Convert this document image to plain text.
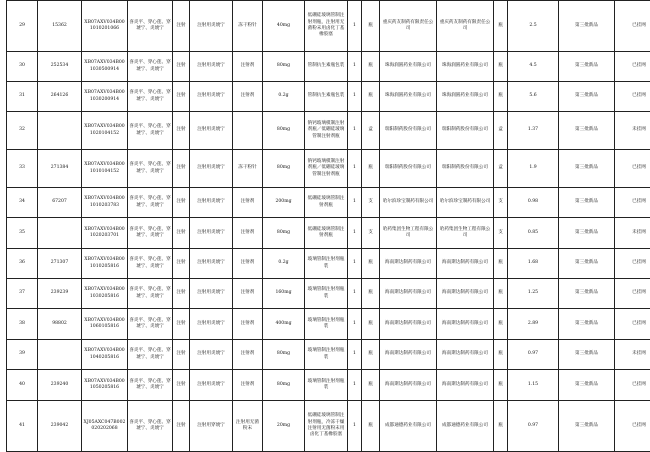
29	15362	XB07AXV034B001010201066	喜炎平、穿心莲、穿琥宁、炎琥宁	注射	注射用炎琥宁	冻干粉针	40mg	低硼硅玻璃管制注射剂瓶，注射用无菌粉末用卤化丁基橡胶塞	1	瓶	重庆药友制药有限责任公司	重庆药友制药有限责任公司	瓶	2.5	第三批新品	已挂网
30	252534	XB07AXV034B001030500914	喜炎平、穿心莲、穿琥宁、炎琥宁	注射	注射用炎琥宁	注射剂	80mg	管制抗生素瓶包装	1	瓶	珠海润圆药业有限公司	珠海润圆药业有限公司	瓶	4.5	第三批新品	已挂网
31	264126	XB07AXV034B001030200914	喜炎平、穿心莲、穿琥宁、炎琥宁	注射	注射用炎琥宁	注射剂	0.2g	管制抗生素瓶包装	1	瓶	珠海润圆药业有限公司	珠海润圆药业有限公司	瓶	5.6	第三批新品	已挂网
32		XB07AXV034B001020104152	喜炎平、穿心莲、穿琥宁、炎琥宁	注射	注射用炎琥宁		80mg	钠钙玻璃模制注射剂瓶／低硼硅玻璃管制注射剂瓶	1	盒	瑞阳制药股份有限公司	瑞阳制药股份有限公司	盒	1.37	第三批新品	未挂网
33	271384	XB07AXV034B001010104152	喜炎平、穿心莲、穿琥宁、炎琥宁	注射	注射用炎琥宁	冻干粉针	80mg	钠钙玻璃模制注射剂瓶／低硼硅玻璃管制注射剂瓶	1	瓶	瑞阳制药股份有限公司	瑞阳制药股份有限公司	盒	1.9	第三批新品	已挂网
34	67207	XB07AXV034B001010203783	喜炎平、穿心莲、穿琥宁、炎琥宁	注射	注射用炎琥宁	注射剂	200mg	低硼硅玻璃管制注射剂瓶	1	支	哈尔滨珍宝制药有限公司	哈尔滨珍宝制药有限公司	支	0.98	第三批新品	已挂网
35		XB07AXV034B001020203701	喜炎平、穿心莲、穿琥宁、炎琥宁	注射	注射用炎琥宁	注射剂	80mg	低硼硅玻璃管制注射剂瓶	1	支	哈药集团生物工程有限公司	哈药集团生物工程有限公司	支	0.85	第三批新品	未挂网
36	271307	XB07AXV034B001010205816	喜炎平、穿心莲、穿琥宁、炎琥宁	注射	注射用炎琥宁	注射剂	0.2g	玻璃管制注射剂瓶装	1	瓶	海南斯达制药有限公司	海南斯达制药有限公司	瓶	1.68	第三批新品	已挂网
37	239239	XB07AXV034B001030205816	喜炎平、穿心莲、穿琥宁、炎琥宁	注射	注射用炎琥宁	注射剂	160mg	玻璃管制注射剂瓶装	1	瓶	海南斯达制药有限公司	海南斯达制药有限公司	瓶	1.25	第三批新品	已挂网
38	98802	XB07AXV034B001060105816	喜炎平、穿心莲、穿琥宁、炎琥宁	注射	注射用炎琥宁	注射剂	400mg	玻璃管制注射剂瓶装	1	瓶	海南斯达制药有限公司	海南斯达制药有限公司	瓶	2.89	第三批新品	已挂网
39		XB07AXV034B001040205816	喜炎平、穿心莲、穿琥宁、炎琥宁	注射	注射用炎琥宁	注射剂	80mg	玻璃管制注射剂瓶装	1	瓶	海南斯达制药有限公司	海南斯达制药有限公司	瓶	0.97	第三批新品	未挂网
40	239240	XB07AXV034B001050205816	喜炎平、穿心莲、穿琥宁、炎琥宁	注射	注射用炎琥宁	注射剂	80mg	玻璃管制注射剂瓶装	1	瓶	海南斯达制药有限公司	海南斯达制药有限公司	瓶	1.15	第三批新品	已挂网
41	239042	XJ05AXC047B002020202068	喜炎平、穿心莲、穿琥宁、炎琥宁	注射	注射用穿琥宁	注射用无菌粉末	20mg	低硼硅玻璃管制注射剂瓶，冷冻干燥注射用无菌粉末用卤化丁基橡胶塞	1	瓶	成都通德药业有限公司	成都通德药业有限公司	瓶	0.97	第三批新品	已挂网
